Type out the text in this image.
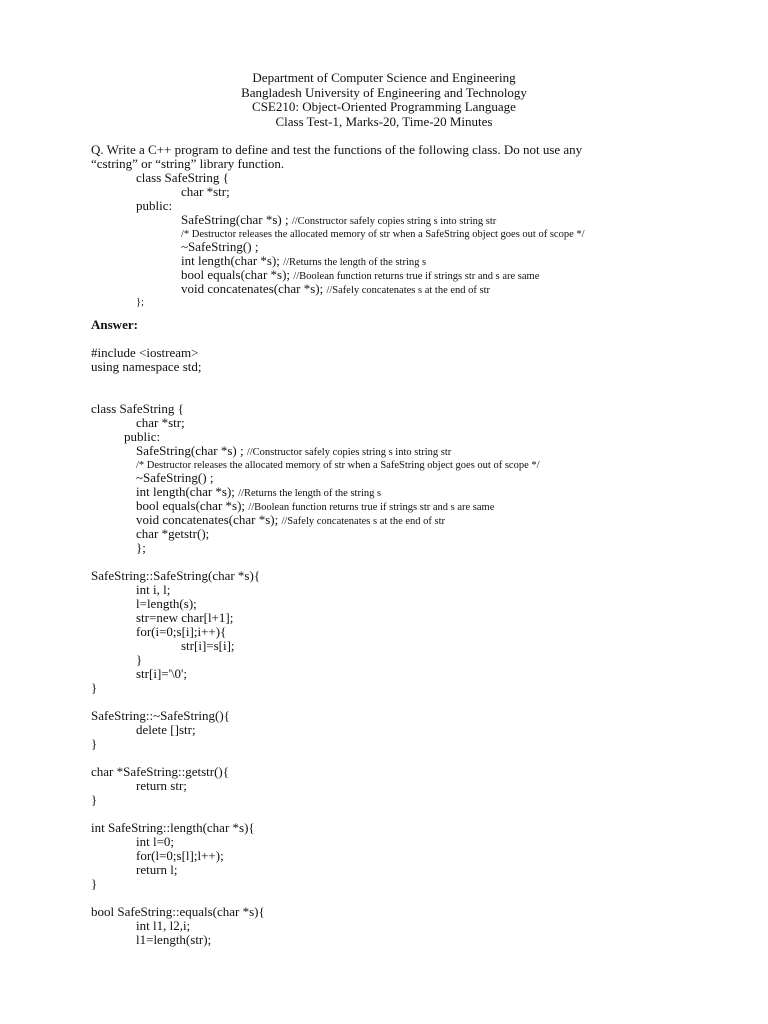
Department of Computer Science and Engineering
Bangladesh University of Engineering and Technology
CSE210: Object-Oriented Programming Language
Class Test-1, Marks-20, Time-20 Minutes
Q. Write a C++ program to define and test the functions of the following class. Do not use any
“cstring” or “string” library function.
class SafeString {
char *str;
public:
SafeString(char *s) ; //Constructor safely copies string s into string str
/* Destructor releases the allocated memory of str when a SafeString object goes out of scope */
~SafeString() ;
int length(char *s); //Returns the length of the string s
bool equals(char *s); //Boolean function returns true if strings str and s are same
void concatenates(char *s); //Safely concatenates s at the end of str
};
Answer:
#include <iostream>
using namespace std;
class SafeString {
char *str;
public:
SafeString(char *s) ; //Constructor safely copies string s into string str
/* Destructor releases the allocated memory of str when a SafeString object goes out of scope */
~SafeString() ;
int length(char *s); //Returns the length of the string s
bool equals(char *s); //Boolean function returns true if strings str and s are same
void concatenates(char *s); //Safely concatenates s at the end of str
char *getstr();
};
SafeString::SafeString(char *s){
int i, l;
l=length(s);
str=new char[l+1];
for(i=0;s[i];i++){
str[i]=s[i];
}
str[i]='\0';
}
SafeString::~SafeString(){
delete []str;
}
char *SafeString::getstr(){
return str;
}
int SafeString::length(char *s){
int l=0;
for(l=0;s[l];l++);
return l;
}
bool SafeString::equals(char *s){
int l1, l2,i;
l1=length(str);
